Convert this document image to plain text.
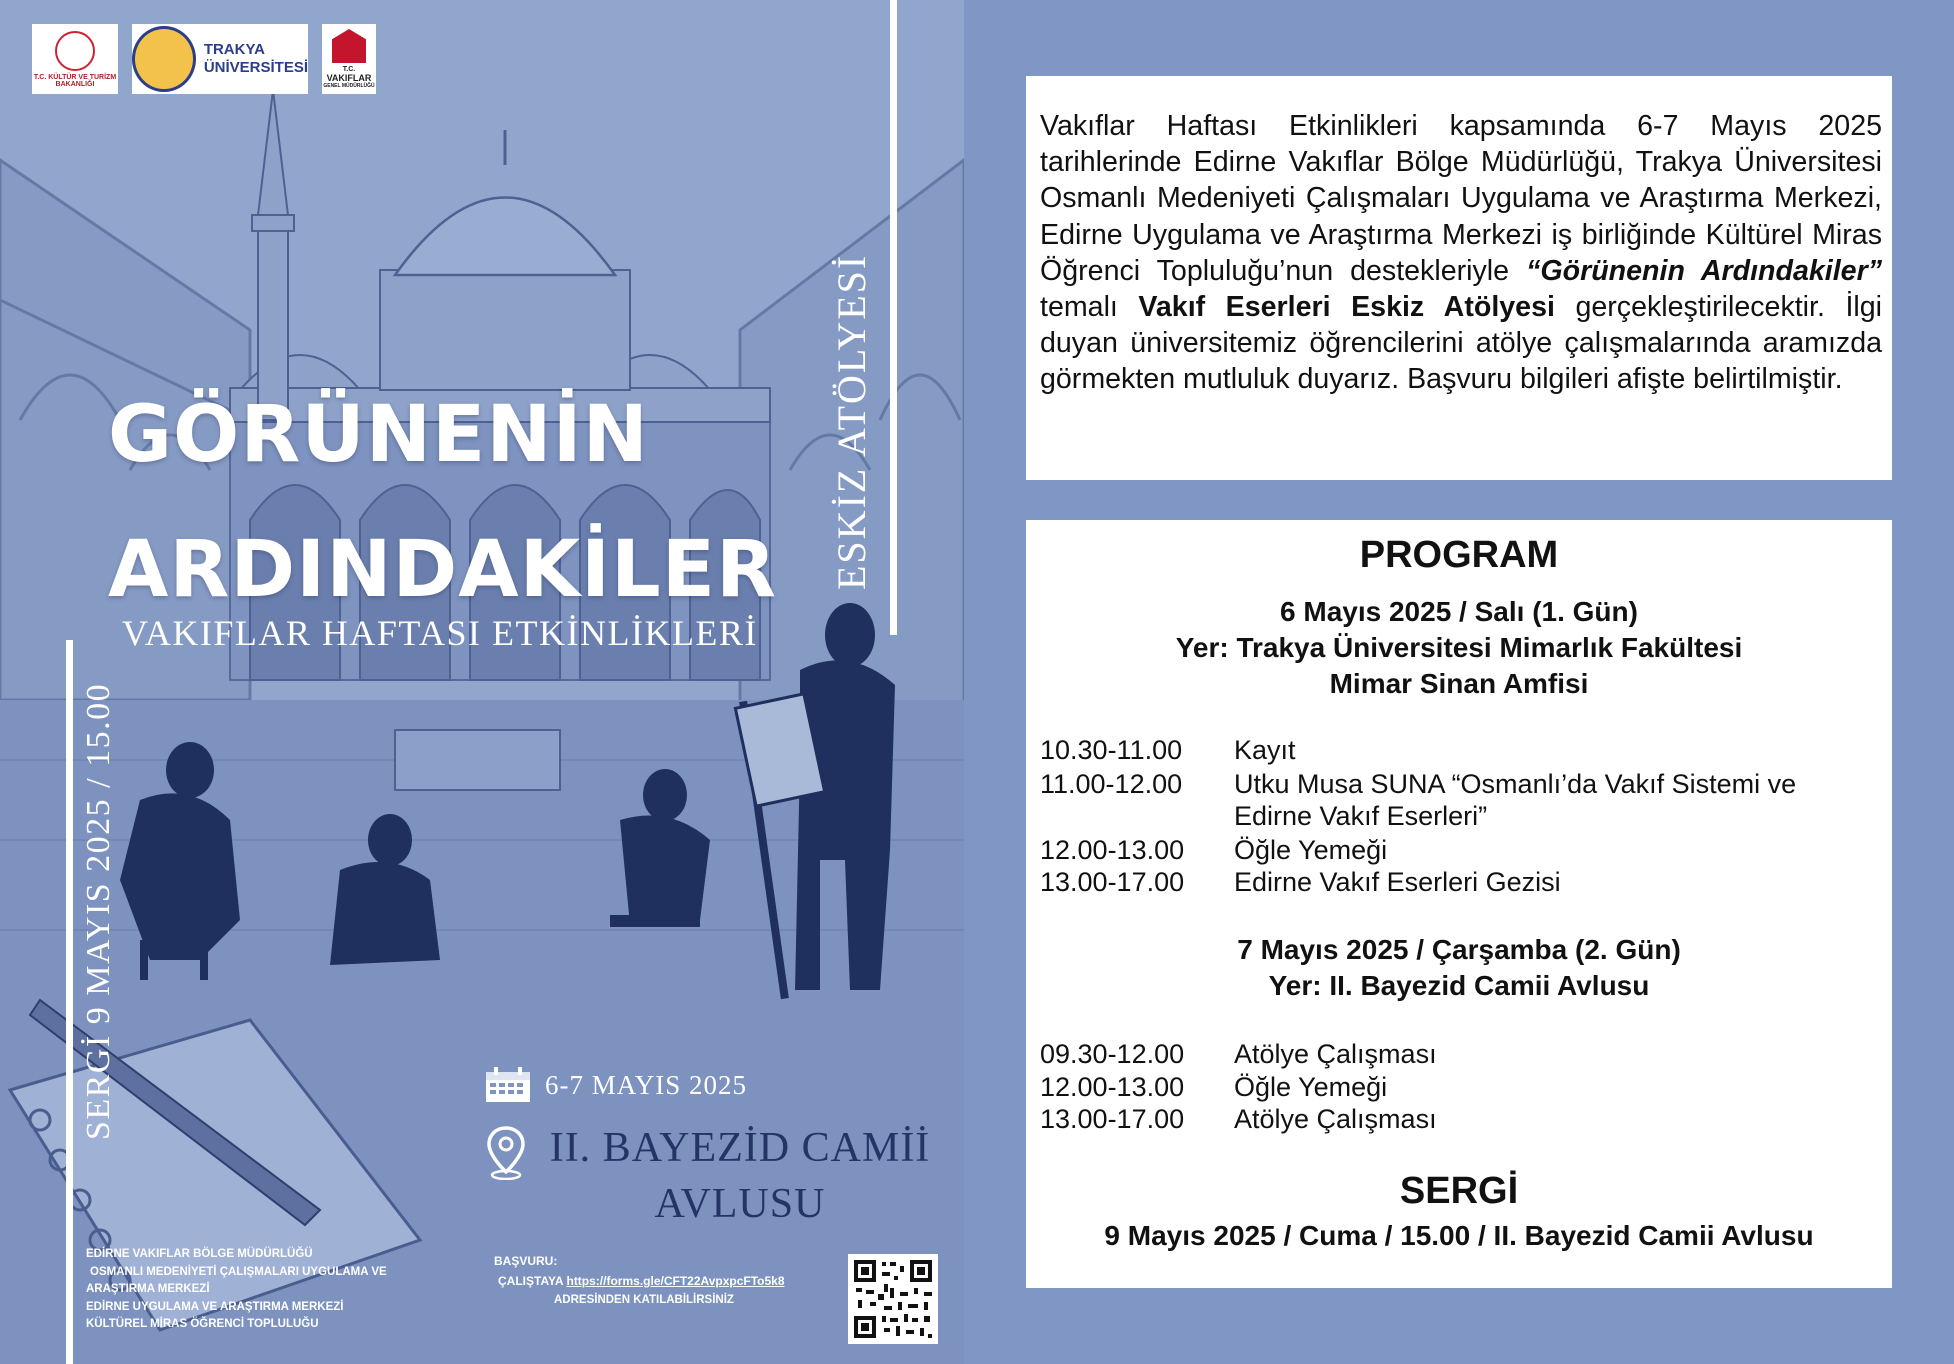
T.C. KÜLTÜR VE TURİZM BAKANLIĞI
TRAKYA
ÜNİVERSİTESİ	T.C.
VAKIFLAR
GENEL MÜDÜRLÜĞÜ
GÖRÜNENİN
ARDINDAKİLER
VAKIFLAR HAFTASI ETKİNLİKLERİ
ESKİZ ATÖLYESİ
SERGİ 9 MAYIS 2025 / 15.00	6-7 MAYIS 2025
II. BAYEZİD CAMİİ
AVLUSU
EDİRNE VAKIFLAR BÖLGE MÜDÜRLÜĞÜ
OSMANLI MEDENİYETİ ÇALIŞMALARI UYGULAMA VE
ARAŞTIRMA MERKEZİ
EDİRNE UYGULAMA VE ARAŞTIRMA MERKEZİ
KÜLTÜREL MİRAS ÖĞRENCİ TOPLULUĞU
BAŞVURU:
ÇALIŞTAYA https://forms.gle/CFT22AvpxpcFTo5k8
ADRESİNDEN KATILABİLİRSİNİZ
Vakıflar Haftası Etkinlikleri kapsamında 6-7 Mayıs 2025 tarihlerinde Edirne Vakıflar Bölge Müdürlüğü, Trakya Üniversitesi Osmanlı Medeniyeti Çalışmaları Uygulama ve Araştırma Merkezi, Edirne Uygulama ve Araştırma Merkezi iş birliğinde Kültürel Miras Öğrenci Topluluğu’nun destekleriyle “Görünenin Ardındakiler” temalı Vakıf Eserleri Eskiz Atölyesi gerçekleştirilecektir. İlgi duyan üniversitemiz öğrencilerini atölye çalışmalarında aramızda görmekten mutluluk duyarız. Başvuru bilgileri afişte belirtilmiştir.
PROGRAM
6 Mayıs 2025 / Salı (1. Gün)
Yer: Trakya Üniversitesi Mimarlık Fakültesi
Mimar Sinan Amfisi
10.30-11.00 Kayıt
11.00-12.00 Utku Musa SUNA “Osmanlı’da Vakıf Sistemi ve Edirne Vakıf Eserleri”
12.00-13.00 Öğle Yemeği
13.00-17.00 Edirne Vakıf Eserleri Gezisi
7 Mayıs 2025 / Çarşamba (2. Gün)
Yer: II. Bayezid Camii Avlusu
09.30-12.00 Atölye Çalışması
12.00-13.00 Öğle Yemeği
13.00-17.00 Atölye Çalışması
SERGİ
9 Mayıs 2025 / Cuma / 15.00 / II. Bayezid Camii Avlusu
